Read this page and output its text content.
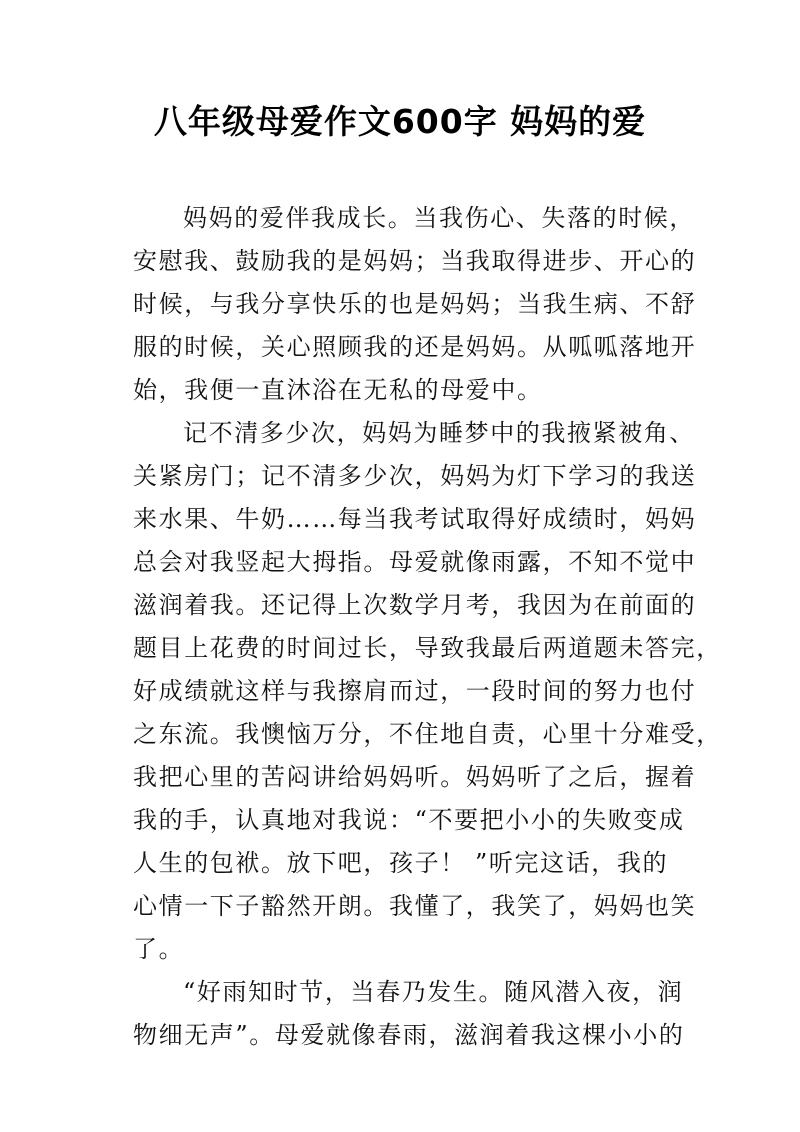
八年级母爱作文600字 妈妈的爱
妈妈的爱伴我成长。当我伤心、失落的时候，
安慰我、鼓励我的是妈妈；当我取得进步、开心的
时候，与我分享快乐的也是妈妈；当我生病、不舒
服的时候，关心照顾我的还是妈妈。从呱呱落地开
始，我便一直沐浴在无私的母爱中。
记不清多少次，妈妈为睡梦中的我掖紧被角、
关紧房门；记不清多少次，妈妈为灯下学习的我送
来水果、牛奶……每当我考试取得好成绩时，妈妈
总会对我竖起大拇指。母爱就像雨露，不知不觉中
滋润着我。还记得上次数学月考，我因为在前面的
题目上花费的时间过长，导致我最后两道题未答完，
好成绩就这样与我擦肩而过，一段时间的努力也付
之东流。我懊恼万分，不住地自责，心里十分难受，
我把心里的苦闷讲给妈妈听。妈妈听了之后，握着
我的手，认真地对我说：“不要把小小的失败变成
人生的包袱。放下吧，孩子！ ”听完这话，我的
心情一下子豁然开朗。我懂了，我笑了，妈妈也笑
了。
“好雨知时节，当春乃发生。随风潜入夜，润
物细无声”。母爱就像春雨，滋润着我这棵小小的
